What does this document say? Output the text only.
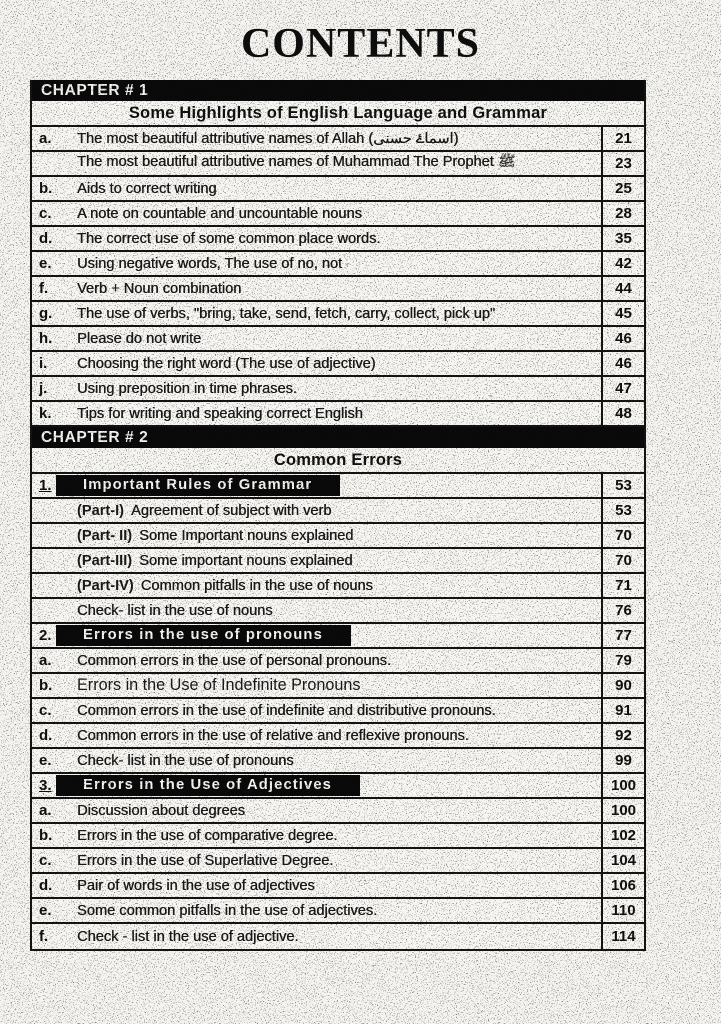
CONTENTS
CHAPTER # 1
Some Highlights of English Language and Grammar
a.	The most beautiful attributive names of Allah (اسماۓ حسنی)	21
The most beautiful attributive names of Muhammad The Prophet ﷺ	23
b.	Aids to correct writing	25
c.	A note on countable and uncountable nouns	28
d.	The correct use of some common place words.	35
e.	Using negative words, The use of no, not	42
f.	Verb + Noun combination	44
g.	The use of verbs, "bring, take, send, fetch, carry, collect, pick up"	45
h.	Please do not write	46
i.	Choosing the right word (The use of adjective)	46
j.	Using preposition in time phrases.	47
k.	Tips for writing and speaking correct English	48
CHAPTER # 2
Common Errors
1.	Important Rules of Grammar	53
(Part-I) Agreement of subject with verb	53
(Part- II) Some Important nouns explained	70
(Part-III) Some important nouns explained	70
(Part-IV) Common pitfalls in the use of nouns	71
Check- list in the use of nouns	76
2.	Errors in the use of pronouns	77
a.	Common errors in the use of personal pronouns.	79
b.	Errors in the Use of Indefinite Pronouns	90
c.	Common errors in the use of indefinite and distributive pronouns.	91
d.	Common errors in the use of relative and reflexive pronouns.	92
e.	Check- list in the use of pronouns	99
3.	Errors in the Use of Adjectives	100
a.	Discussion about degrees	100
b.	Errors in the use of comparative degree.	102
c.	Errors in the use of Superlative Degree.	104
d.	Pair of words in the use of adjectives	106
e.	Some common pitfalls in the use of adjectives.	110
f.	Check - list in the use of adjective.	114
